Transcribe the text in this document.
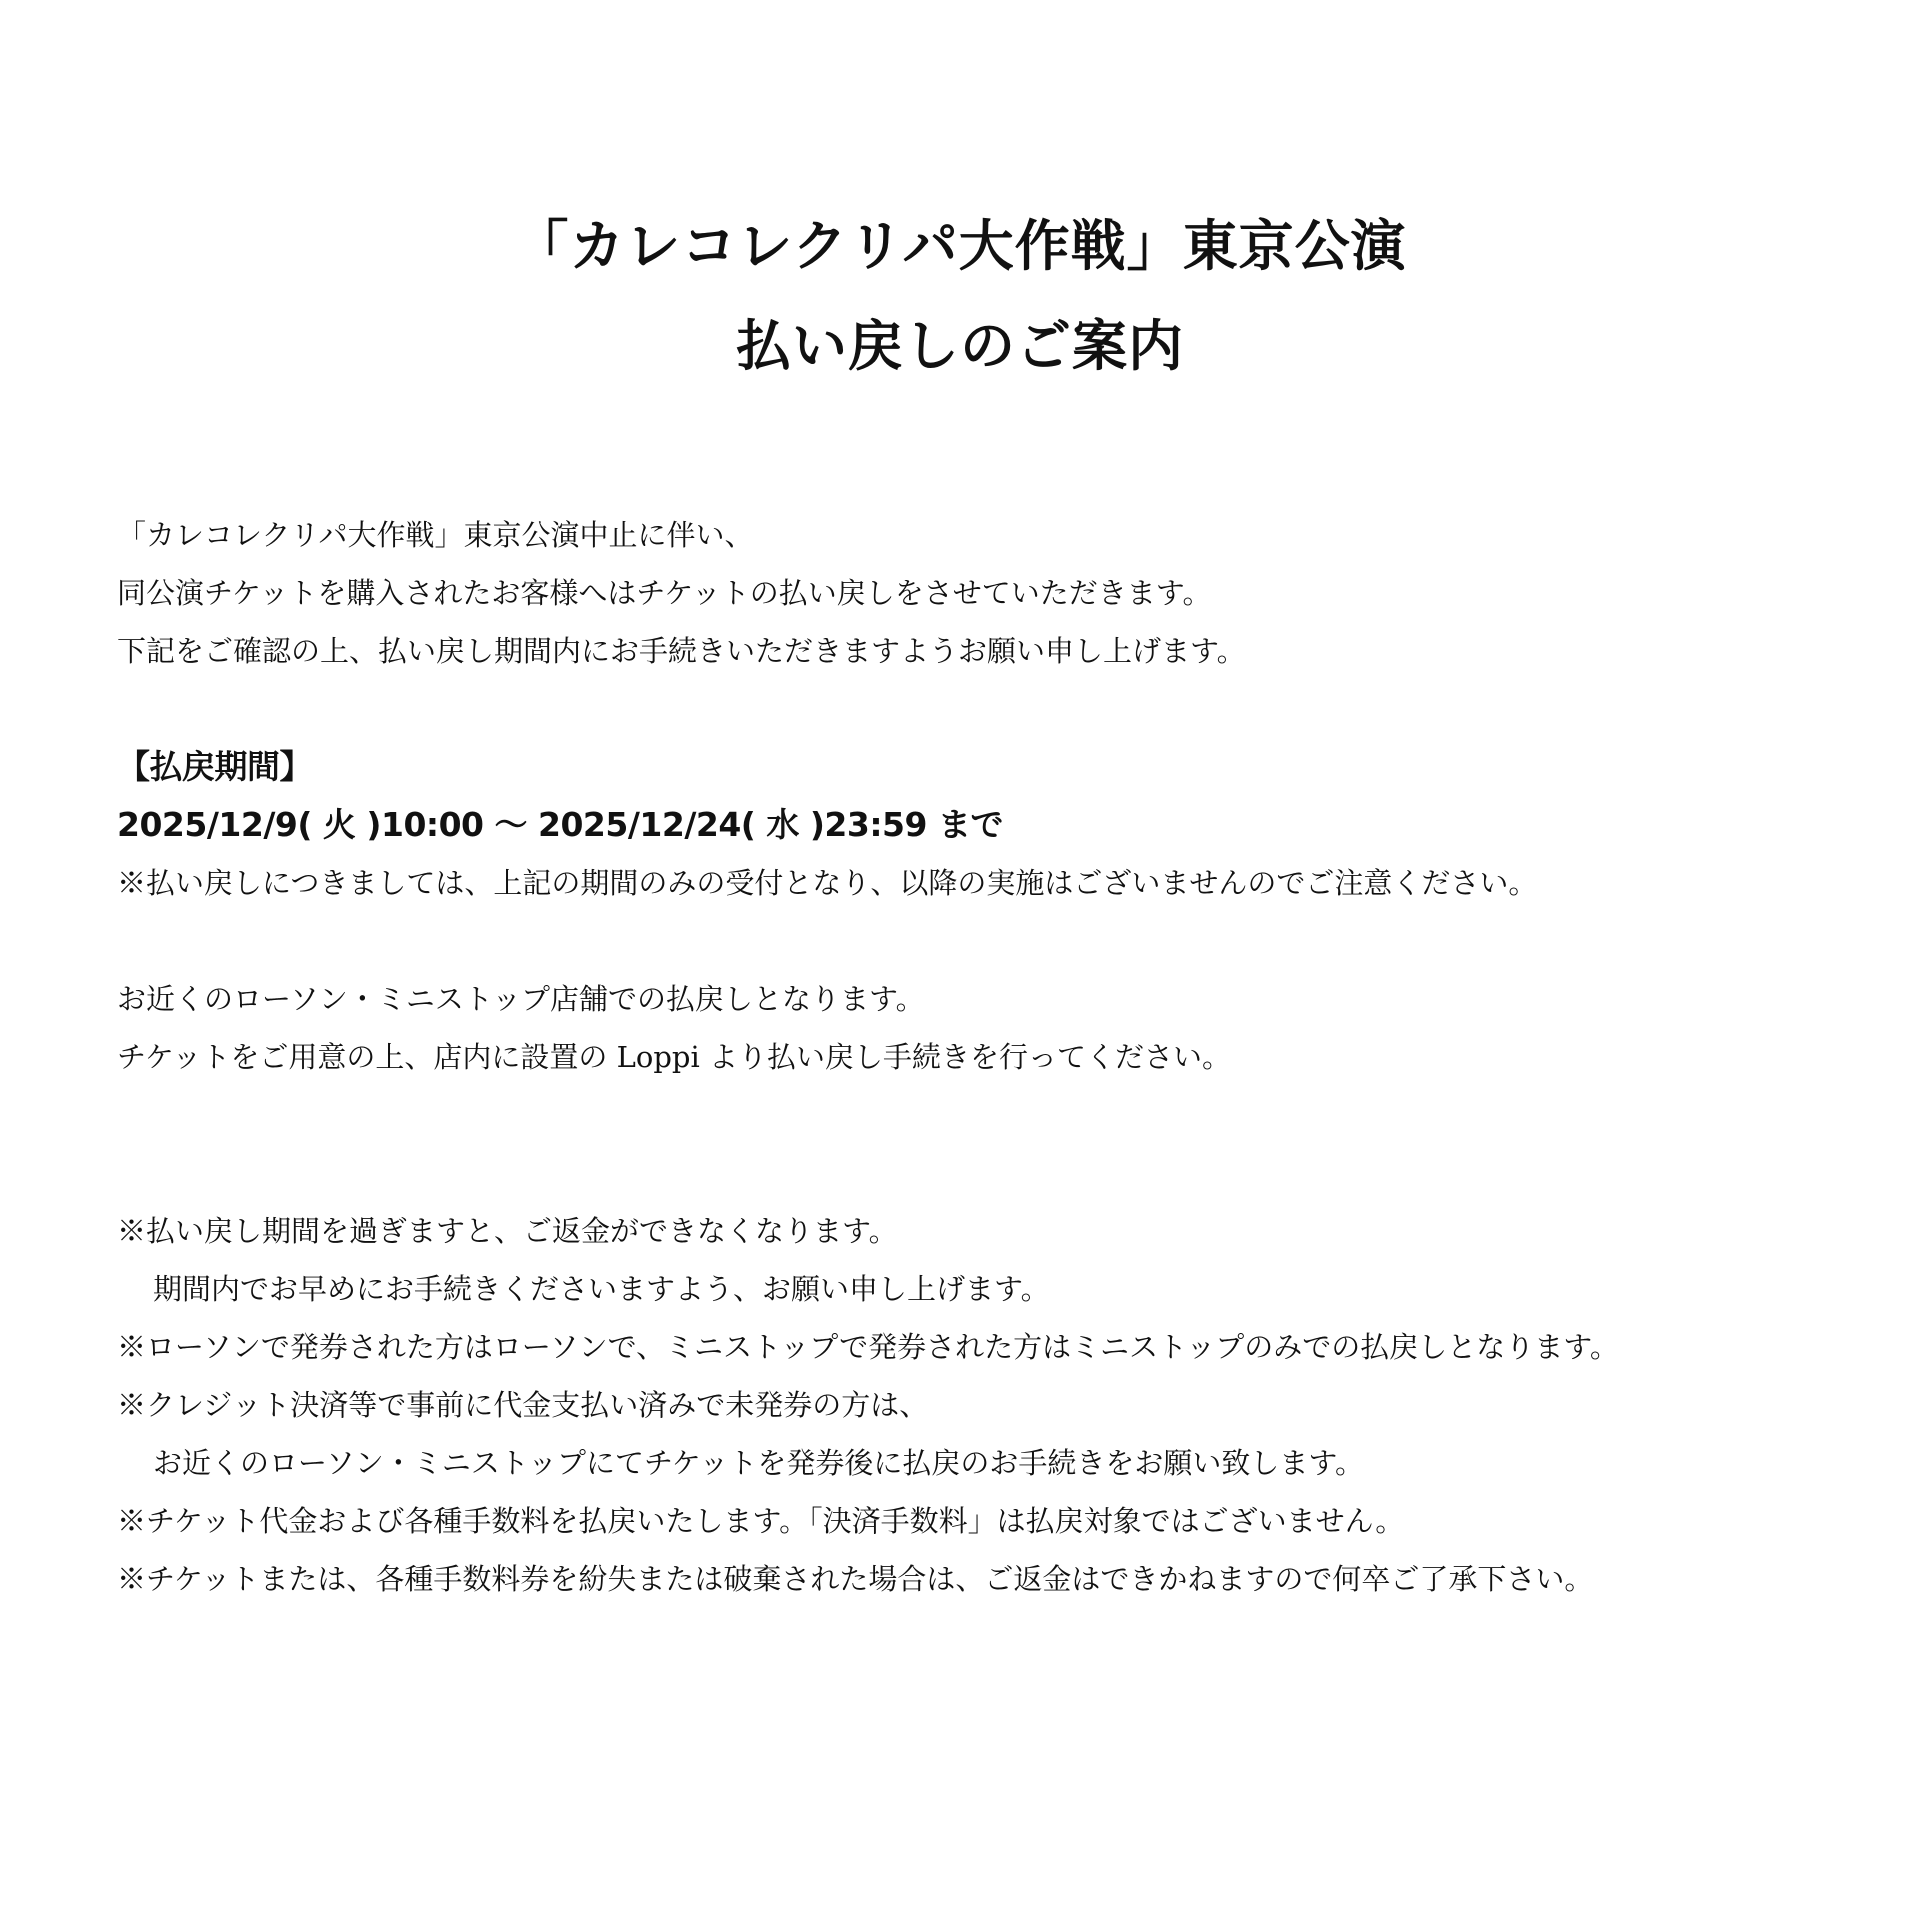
「カレコレクリパ大作戦」東京公演
払い戻しのご案内
「カレコレクリパ大作戦」東京公演中止に伴い、
同公演チケットを購入されたお客様へはチケットの払い戻しをさせていただきます。
下記をご確認の上、払い戻し期間内にお手続きいただきますようお願い申し上げます。
【払戻期間】
2025/12/9( 火 )10:00 ～ 2025/12/24( 水 )23:59 まで
※払い戻しにつきましては、上記の期間のみの受付となり、以降の実施はございませんのでご注意ください。
お近くのローソン・ミニストップ店舗での払戻しとなります。
チケットをご用意の上、店内に設置の Loppi より払い戻し手続きを行ってください。
※払い戻し期間を過ぎますと、ご返金ができなくなります。
期間内でお早めにお手続きくださいますよう、お願い申し上げます。
※ローソンで発券された方はローソンで、ミニストップで発券された方はミニストップのみでの払戻しとなります。
※クレジット決済等で事前に代金支払い済みで未発券の方は、
お近くのローソン・ミニストップにてチケットを発券後に払戻のお手続きをお願い致します。
※チケット代金および各種手数料を払戻いたします。「決済手数料」は払戻対象ではございません。
※チケットまたは、各種手数料券を紛失または破棄された場合は、ご返金はできかねますので何卒ご了承下さい。
